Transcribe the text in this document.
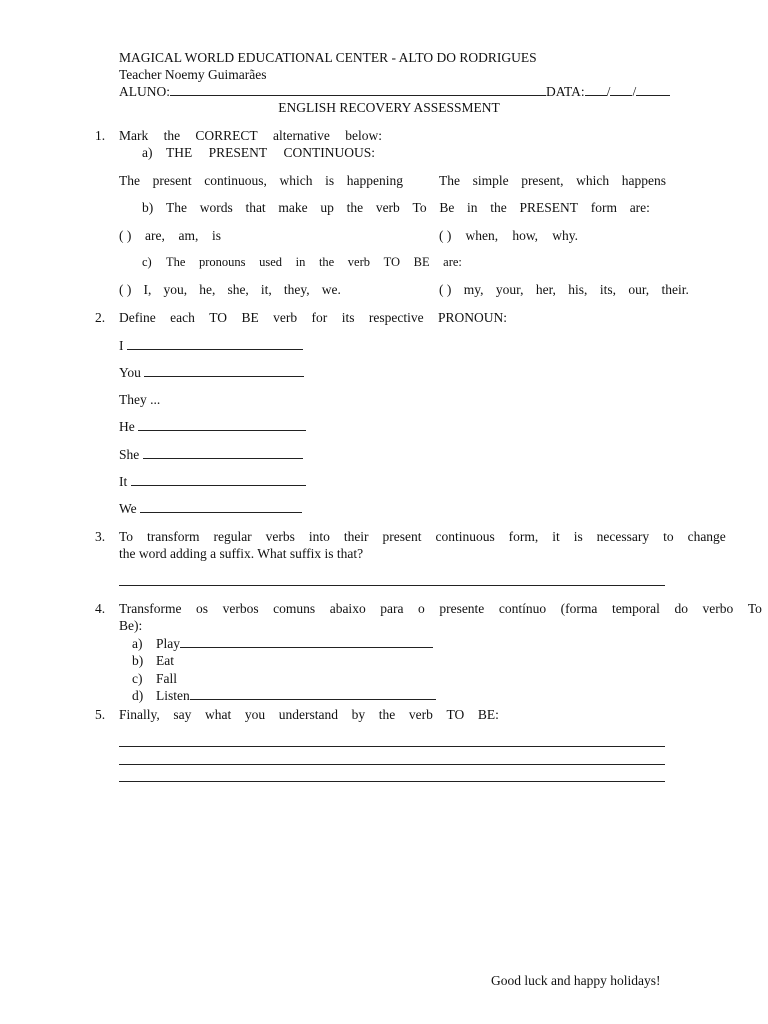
MAGICAL WORLD EDUCATIONAL CENTER - ALTO DO RODRIGUES
Teacher Noemy Guimarães
ALUNO:	DATA: / /
ENGLISH RECOVERY ASSESSMENT
1. Mark the CORRECT alternative below:
a) THE PRESENT CONTINUOUS:
The present continuous, which is happening	The simple present, which happens
b) The words that make up the verb To Be in the PRESENT form are:
( ) are, am, is	( ) when, how, why.
c) The pronouns used in the verb TO BE are:
( ) I, you, he, she, it, they, we.	( ) my, your, her, his, its, our, their.
2. Define each TO BE verb for its respective PRONOUN:
I
You
They ...
He
She
It
We
3. To transform regular verbs into their present continuous form, it is necessary to change
the word adding a suffix. What suffix is that?
4. Transforme os verbos comuns abaixo para o presente contínuo (forma temporal do verbo To
Be):
a) Play
b) Eat
c) Fall
d) Listen
5. Finally, say what you understand by the verb TO BE:
Good luck and happy holidays!
